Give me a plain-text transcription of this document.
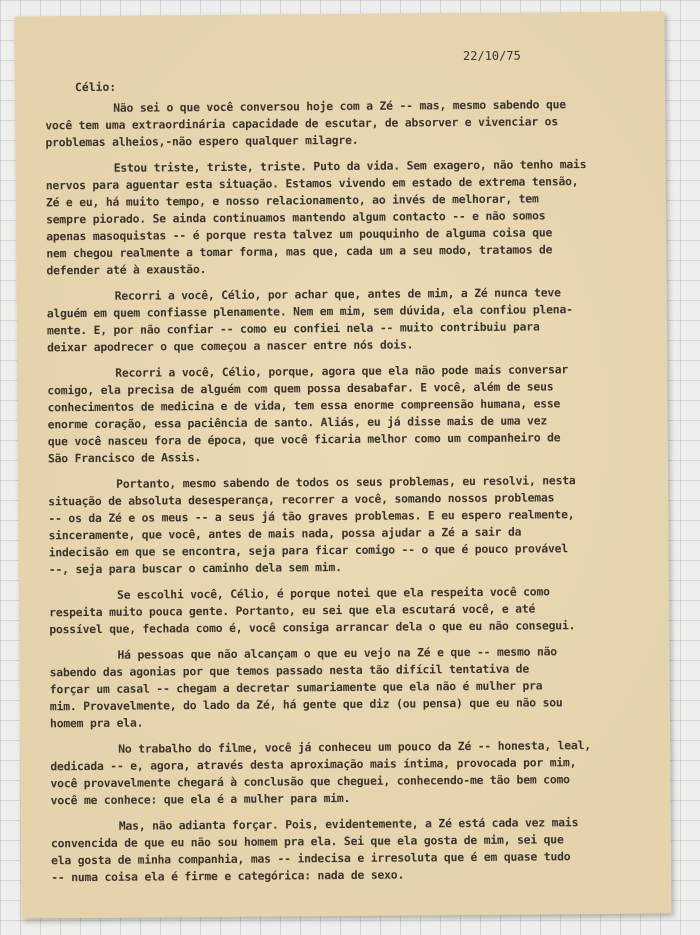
22/10/75
Célio:
Não sei o que você conversou hoje com a Zé -- mas, mesmo sabendo que
você tem uma extraordinária capacidade de escutar, de absorver e vivenciar os
problemas alheios,-não espero qualquer milagre.
Estou triste, triste, triste. Puto da vida. Sem exagero, não tenho mais
nervos para aguentar esta situação. Estamos vivendo em estado de extrema tensão,
Zé e eu, há muito tempo, e nosso relacionamento, ao invés de melhorar, tem
sempre piorado. Se ainda continuamos mantendo algum contacto -- e não somos
apenas masoquistas -- é porque resta talvez um pouquinho de alguma coisa que
nem chegou realmente a tomar forma, mas que, cada um a seu modo, tratamos de
defender até à exaustão.
Recorri a você, Célio, por achar que, antes de mim, a Zé nunca teve
alguém em quem confiasse plenamente. Nem em mim, sem dúvida, ela confiou plena-
mente. E, por não confiar -- como eu confiei nela -- muito contribuiu para
deixar apodrecer o que começou a nascer entre nós dois.
Recorri a você, Célio, porque, agora que ela não pode mais conversar
comigo, ela precisa de alguém com quem possa desabafar. E você, além de seus
conhecimentos de medicina e de vida, tem essa enorme compreensão humana, esse
enorme coração, essa paciência de santo. Aliás, eu já disse mais de uma vez
que você nasceu fora de época, que você ficaria melhor como um companheiro de
São Francisco de Assis.
Portanto, mesmo sabendo de todos os seus problemas, eu resolvi, nesta
situação de absoluta desesperança, recorrer a você, somando nossos problemas
-- os da Zé e os meus -- a seus já tão graves problemas. E eu espero realmente,
sinceramente, que você, antes de mais nada, possa ajudar a Zé a sair da
indecisão em que se encontra, seja para ficar comigo -- o que é pouco provável
--, seja para buscar o caminho dela sem mim.
Se escolhi você, Célio, é porque notei que ela respeita você como
respeita muito pouca gente. Portanto, eu sei que ela escutará você, e até
possível que, fechada como é, você consiga arrancar dela o que eu não consegui.
Há pessoas que não alcançam o que eu vejo na Zé e que -- mesmo não
sabendo das agonias por que temos passado nesta tão difícil tentativa de
forçar um casal -- chegam a decretar sumariamente que ela não é mulher pra
mim. Provavelmente, do lado da Zé, há gente que diz (ou pensa) que eu não sou
homem pra ela.
No trabalho do filme, você já conheceu um pouco da Zé -- honesta, leal,
dedicada -- e, agora, através desta aproximação mais íntima, provocada por mim,
você provavelmente chegará à conclusão que cheguei, conhecendo-me tão bem como
você me conhece: que ela é a mulher para mim.
Mas, não adianta forçar. Pois, evidentemente, a Zé está cada vez mais
convencida de que eu não sou homem pra ela. Sei que ela gosta de mim, sei que
ela gosta de minha companhia, mas -- indecisa e irresoluta que é em quase tudo
-- numa coisa ela é firme e categórica: nada de sexo.
